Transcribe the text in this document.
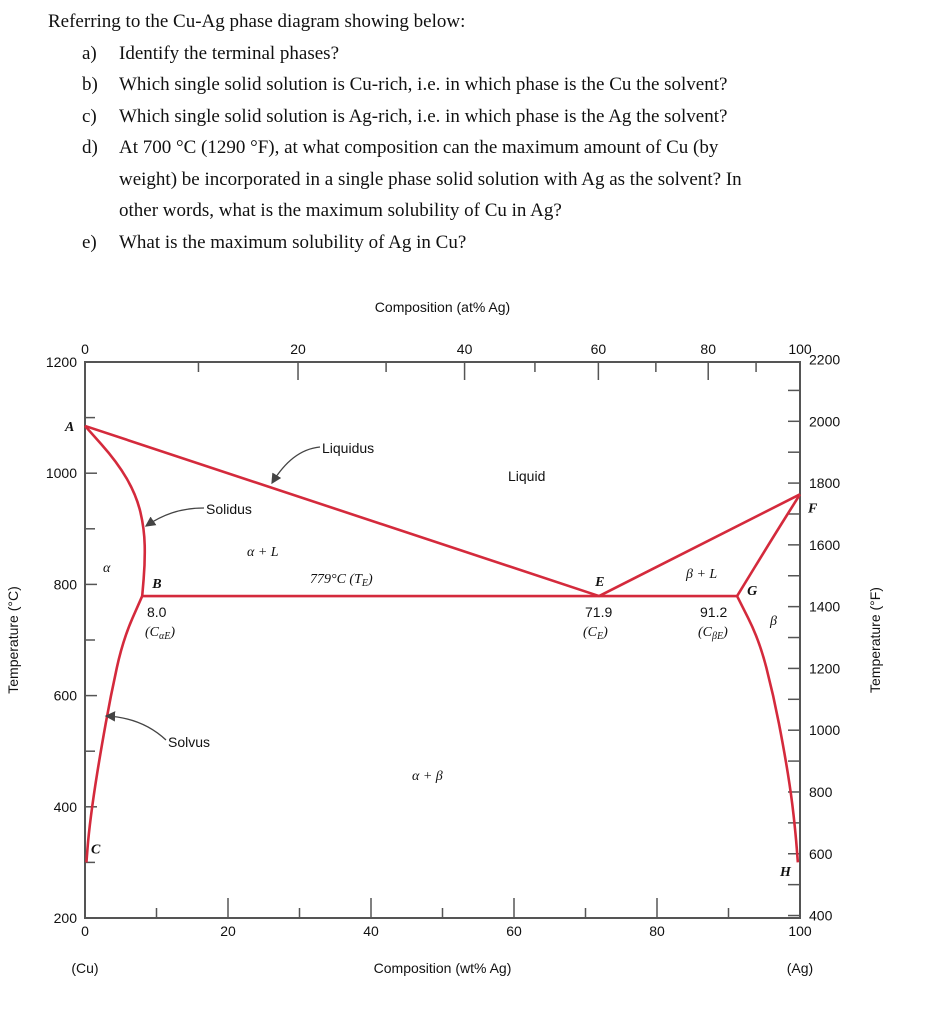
Referring to the Cu-Ag phase diagram showing below:
a)	Identify the terminal phases?
b)	Which single solid solution is Cu-rich, i.e. in which phase is the Cu the solvent?
c)	Which single solid solution is Ag-rich, i.e. in which phase is the Ag the solvent?
d)	At 700 °C (1290 °F), at what composition can the maximum amount of Cu (by
weight) be incorporated in a single phase solid solution with Ag as the solvent? In
other words, what is the maximum solubility of Cu in Ag?
e)	What is the maximum solubility of Ag in Cu?
200
400
600
800
1000
1200
400
600
800
1000
1200
1400
1600
1800
2000
2200
0	20	40	60	80	100
(Cu)	(Ag)
0	20	40	60	80	100
Composition (wt% Ag)
Composition (at% Ag)
Temperature (°C)	Temperature (°F)
A
B
C
E
F
G
H
Liquid
α + L
β + L
α + β
α
β
Liquidus
Solidus
Solvus
779°C $(T_E)$
8.0
$(C_{\alpha E})$
71.9
$(C_E)$
91.2
$(C_{\beta E})$
